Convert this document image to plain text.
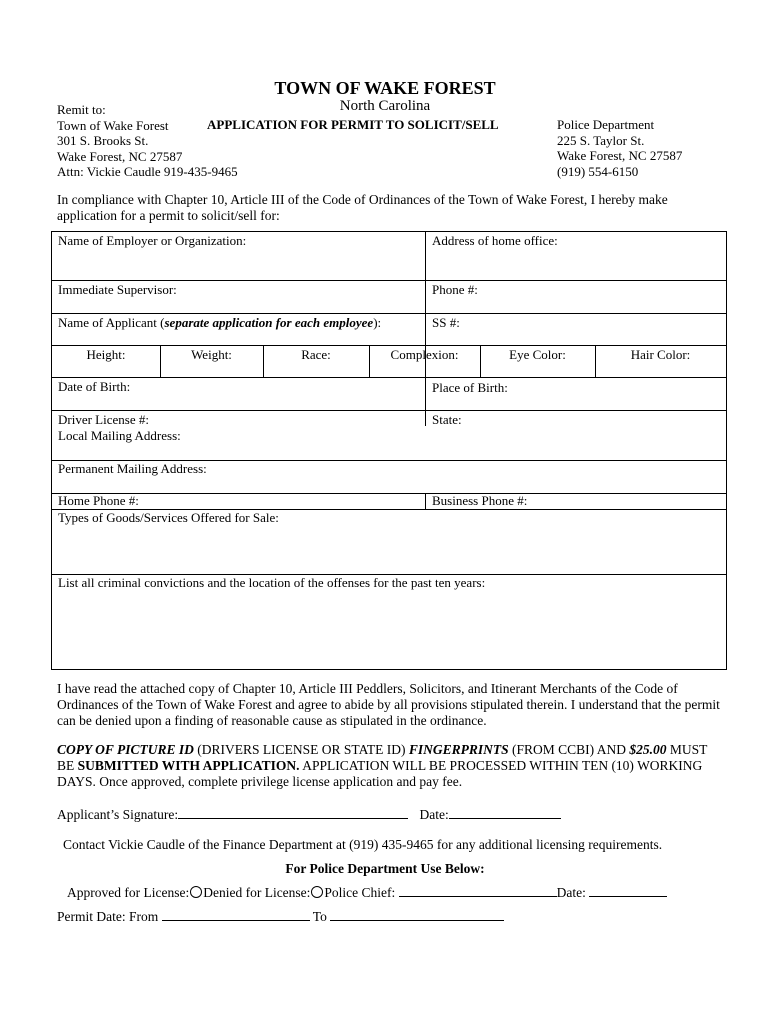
TOWN OF WAKE FOREST
North Carolina
APPLICATION FOR PERMIT TO SOLICIT/SELL
Remit to:
Town of Wake Forest
301 S. Brooks St.
Wake Forest, NC 27587
Attn: Vickie Caudle 919-435-9465
Police Department
225 S. Taylor St.
Wake Forest, NC 27587
(919) 554-6150
In compliance with Chapter 10, Article III of the Code of Ordinances of the Town of Wake Forest, I hereby make application for a permit to solicit/sell for:
Name of Employer or Organization:	Address of home office:
Immediate Supervisor:	Phone #:
Name of Applicant (separate application for each employee):	SS #:
Height:	Weight:	Race:	Complexion:	Eye Color:	Hair Color:
Date of Birth:	Place of Birth:
Driver License #:	State:
Local Mailing Address:
Permanent Mailing Address:
Home Phone #:	Business Phone #:
Types of Goods/Services Offered for Sale:
List all criminal convictions and the location of the offenses for the past ten years:
I have read the attached copy of Chapter 10, Article III Peddlers, Solicitors, and Itinerant Merchants of the Code of Ordinances of the Town of Wake Forest and agree to abide by all provisions stipulated therein. I understand that the permit can be denied upon a finding of reasonable cause as stipulated in the ordinance.
COPY OF PICTURE ID (DRIVERS LICENSE OR STATE ID) FINGERPRINTS (FROM CCBI) AND $25.00 MUST BE SUBMITTED WITH APPLICATION. APPLICATION WILL BE PROCESSED WITHIN TEN (10) WORKING DAYS. Once approved, complete privilege license application and pay fee.
Applicant’s Signature:	Date:
Contact Vickie Caudle of the Finance Department at (919) 435-9465 for any additional licensing requirements.
For Police Department Use Below:
Approved for License: Denied for License: Police Chief:	Date:
Permit Date: From	To
